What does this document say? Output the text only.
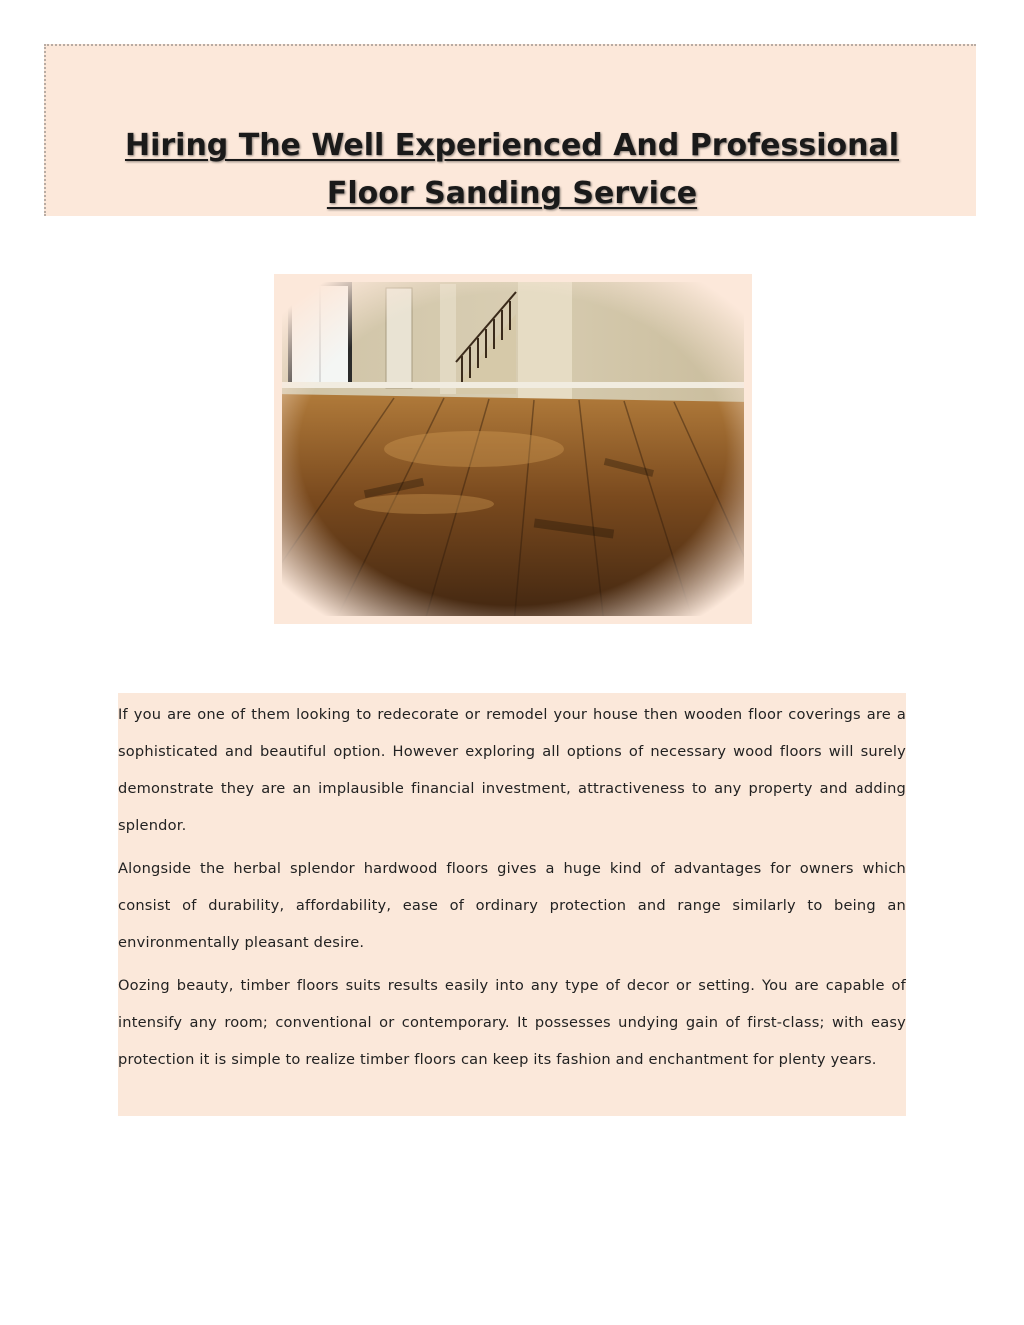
Hiring The Well Experienced And Professional
Floor Sanding Service

If you are one of them looking to redecorate or remodel your house then wooden floor coverings are a sophisticated and beautiful option. However exploring all options of necessary wood floors will surely demonstrate they are an implausible financial investment, attractiveness to any property and adding splendor.

Alongside the herbal splendor hardwood floors gives a huge kind of advantages for owners which consist of durability, affordability, ease of ordinary protection and range similarly to being an environmentally pleasant desire.

Oozing beauty, timber floors suits results easily into any type of decor or setting. You are capable of intensify any room; conventional or contemporary. It possesses undying gain of first-class; with easy protection it is simple to realize timber floors can keep its fashion and enchantment for plenty years.
